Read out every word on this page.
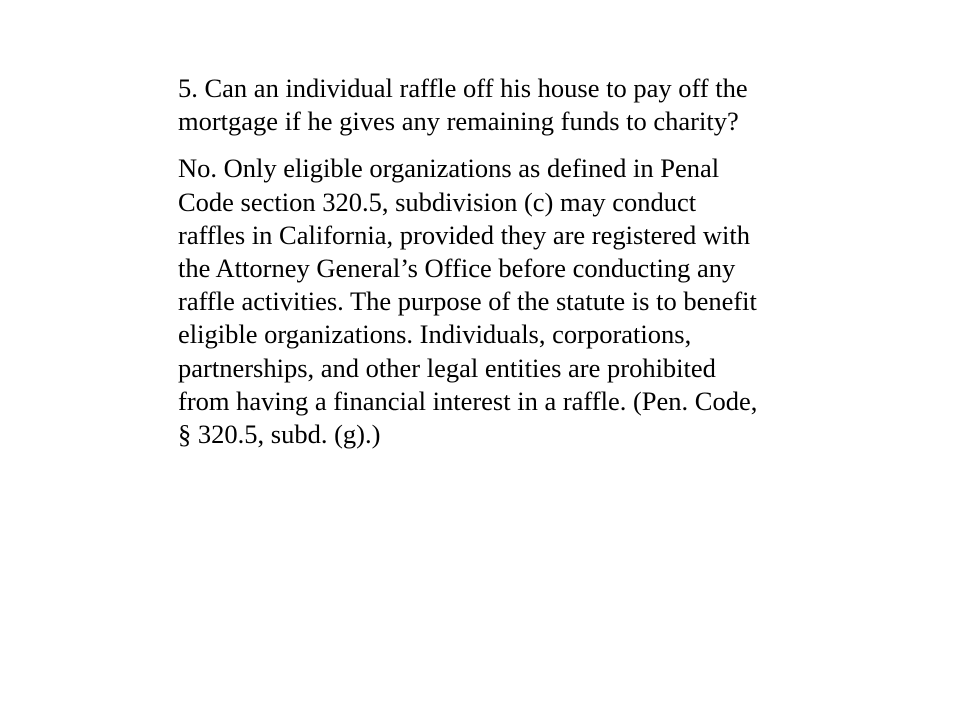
5. Can an individual raffle off his house to pay off the
mortgage if he gives any remaining funds to charity?

No. Only eligible organizations as defined in Penal
Code section 320.5, subdivision (c) may conduct
raffles in California, provided they are registered with
the Attorney General’s Office before conducting any
raffle activities. The purpose of the statute is to benefit
eligible organizations. Individuals, corporations,
partnerships, and other legal entities are prohibited
from having a financial interest in a raffle. (Pen. Code,
§ 320.5, subd. (g).)
